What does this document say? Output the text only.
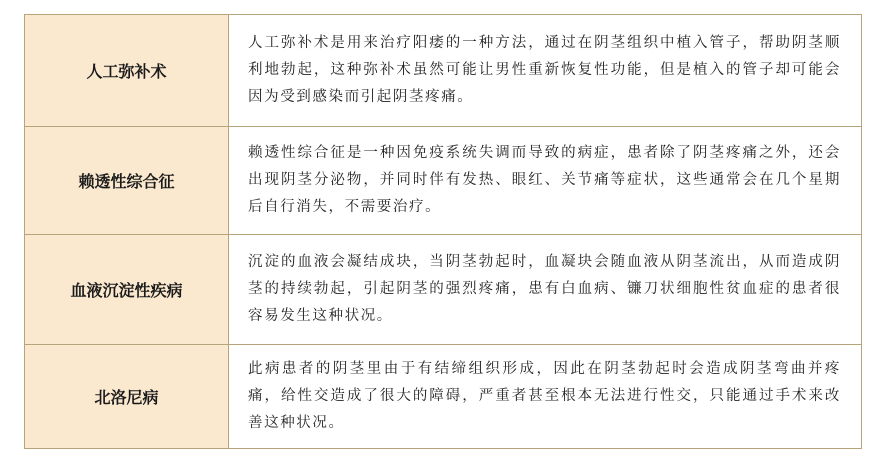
人工弥补术	人工弥补术是用来治疗阳痿的一种方法，通过在阴茎组织中植入管子，帮助阴茎顺利地勃起，这种弥补术虽然可能让男性重新恢复性功能，但是植入的管子却可能会因为受到感染而引起阴茎疼痛。

赖透性综合征	赖透性综合征是一种因免疫系统失调而导致的病症，患者除了阴茎疼痛之外，还会出现阴茎分泌物，并同时伴有发热、眼红、关节痛等症状，这些通常会在几个星期后自行消失，不需要治疗。

血液沉淀性疾病	沉淀的血液会凝结成块，当阴茎勃起时，血凝块会随血液从阴茎流出，从而造成阴茎的持续勃起，引起阴茎的强烈疼痛，患有白血病、镰刀状细胞性贫血症的患者很容易发生这种状况。

北洛尼病	此病患者的阴茎里由于有结缔组织形成，因此在阴茎勃起时会造成阴茎弯曲并疼痛，给性交造成了很大的障碍，严重者甚至根本无法进行性交，只能通过手术来改善这种状况。
